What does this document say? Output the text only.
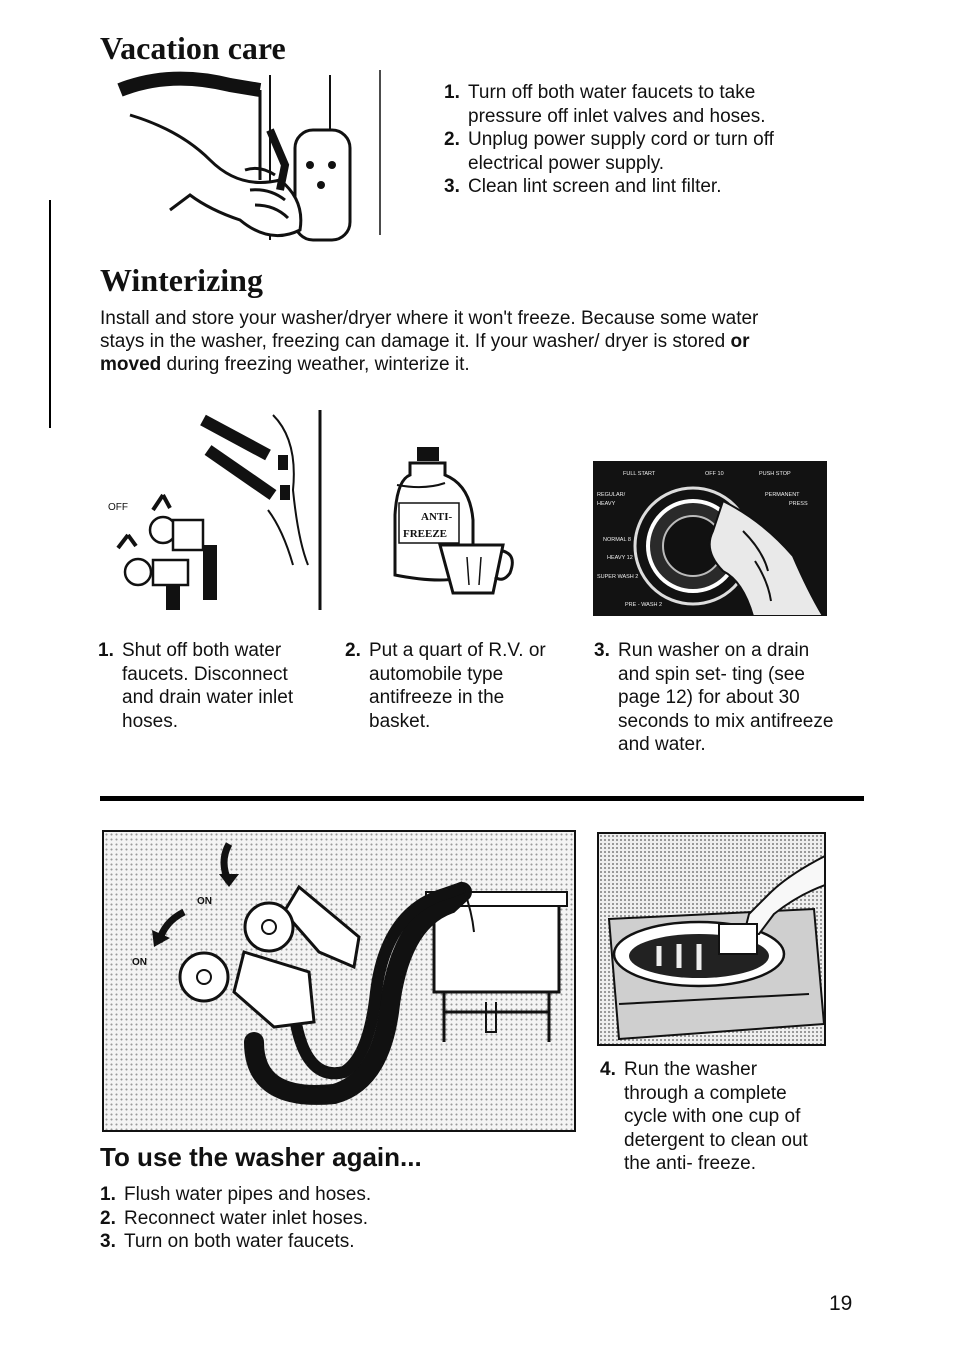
Vacation care
1. Turn off both water faucets to take pressure off inlet valves and hoses.
2. Unplug power supply cord or turn off electrical power supply.
3. Clean lint screen and lint filter.
Winterizing
Install and store your washer/dryer where it won't freeze. Because some water stays in the washer, freezing can damage it. If your washer/ dryer is stored or moved during freezing weather, winterize it.
OFF
ANTI-
FREEZE
FULL START	OFF 10	PUSH STOP
REGULAR/
HEAVY
PERMANENT
PRESS
NORMAL 8
HEAVY 12
SUPER WASH 2
PRE - WASH 2
1. Shut off both water faucets. Disconnect and drain water inlet hoses.
2. Put a quart of R.V. or automobile type antifreeze in the basket.
3. Run washer on a drain and spin set- ting (see page 12) for about 30 seconds to mix antifreeze and water.
ON
ON
To use the washer again...
1. Flush water pipes and hoses.
2. Reconnect water inlet hoses.
3. Turn on both water faucets.
4. Run the washer through a complete cycle with one cup of detergent to clean out the anti- freeze.
19
